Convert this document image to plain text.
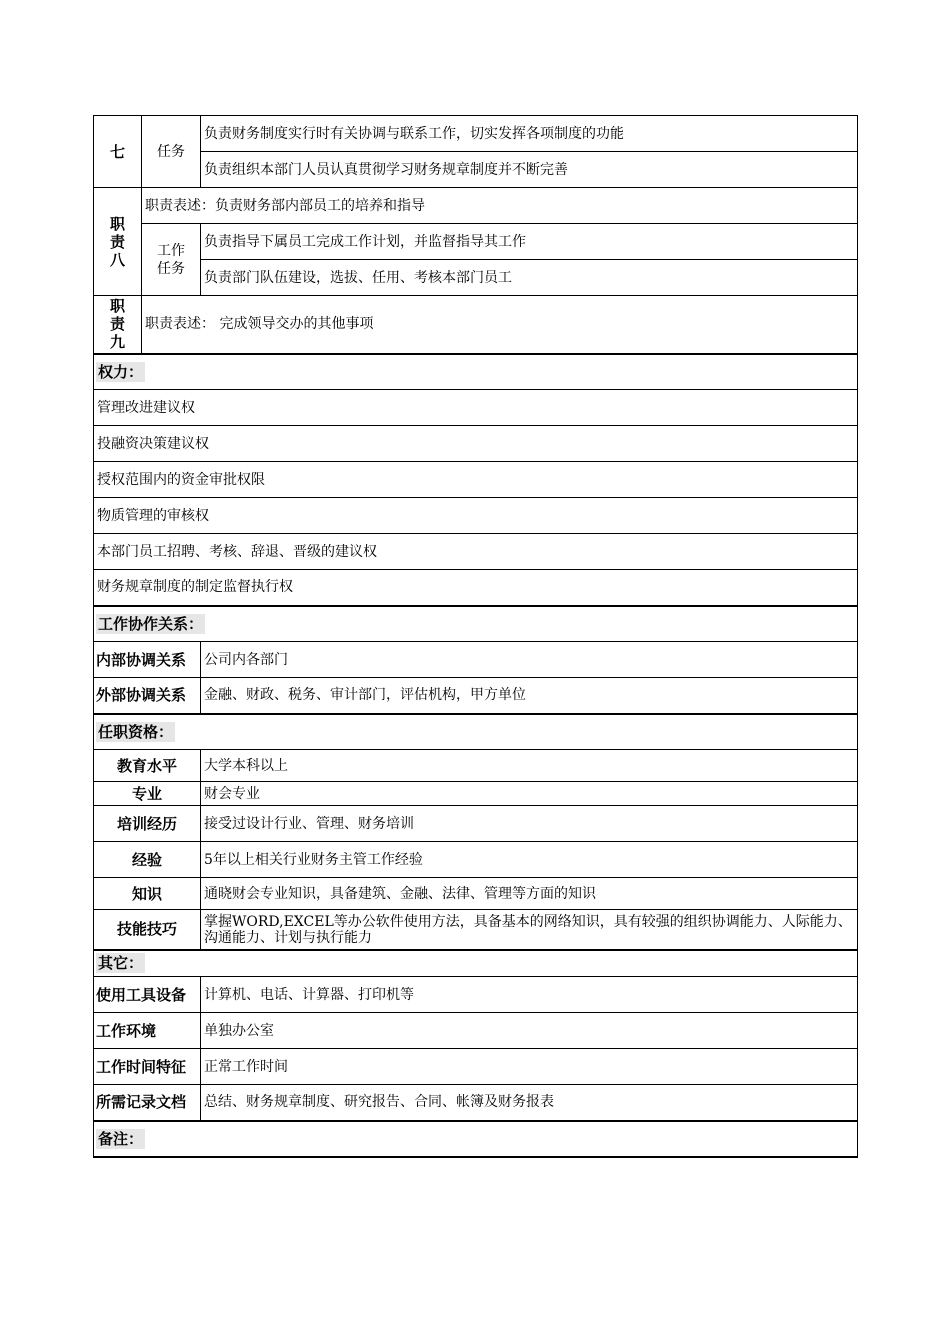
七	任务	负责财务制度实行时有关协调与联系工作，切实发挥各项制度的功能
		负责组织本部门人员认真贯彻学习财务规章制度并不断完善
职责八	职责表述：负责财务部内部员工的培养和指导	
	工作任务	负责指导下属员工完成工作计划，并监督指导其工作
		负责部门队伍建设，选拔、任用、考核本部门员工
职责九	职责表述： 完成领导交办的其他事项	
权力：		
管理改进建议权		
投融资决策建议权		
授权范围内的资金审批权限		
物质管理的审核权		
本部门员工招聘、考核、辞退、晋级的建议权		
财务规章制度的制定监督执行权		
工作协作关系：		
内部协调关系		公司内各部门
外部协调关系		金融、财政、税务、审计部门，评估机构，甲方单位
任职资格：		
教育水平		大学本科以上
专业		财会专业
培训经历		接受过设计行业、管理、财务培训
经验		5年以上相关行业财务主管工作经验
知识		通晓财会专业知识，具备建筑、金融、法律、管理等方面的知识
技能技巧		掌握WORD,EXCEL等办公软件使用方法，具备基本的网络知识，具有较强的组织协调能力、人际能力、沟通能力、计划与执行能力
其它：		
使用工具设备		计算机、电话、计算器、打印机等
工作环境		单独办公室
工作时间特征		正常工作时间
所需记录文档		总结、财务规章制度、研究报告、合同、帐簿及财务报表
备注：		
